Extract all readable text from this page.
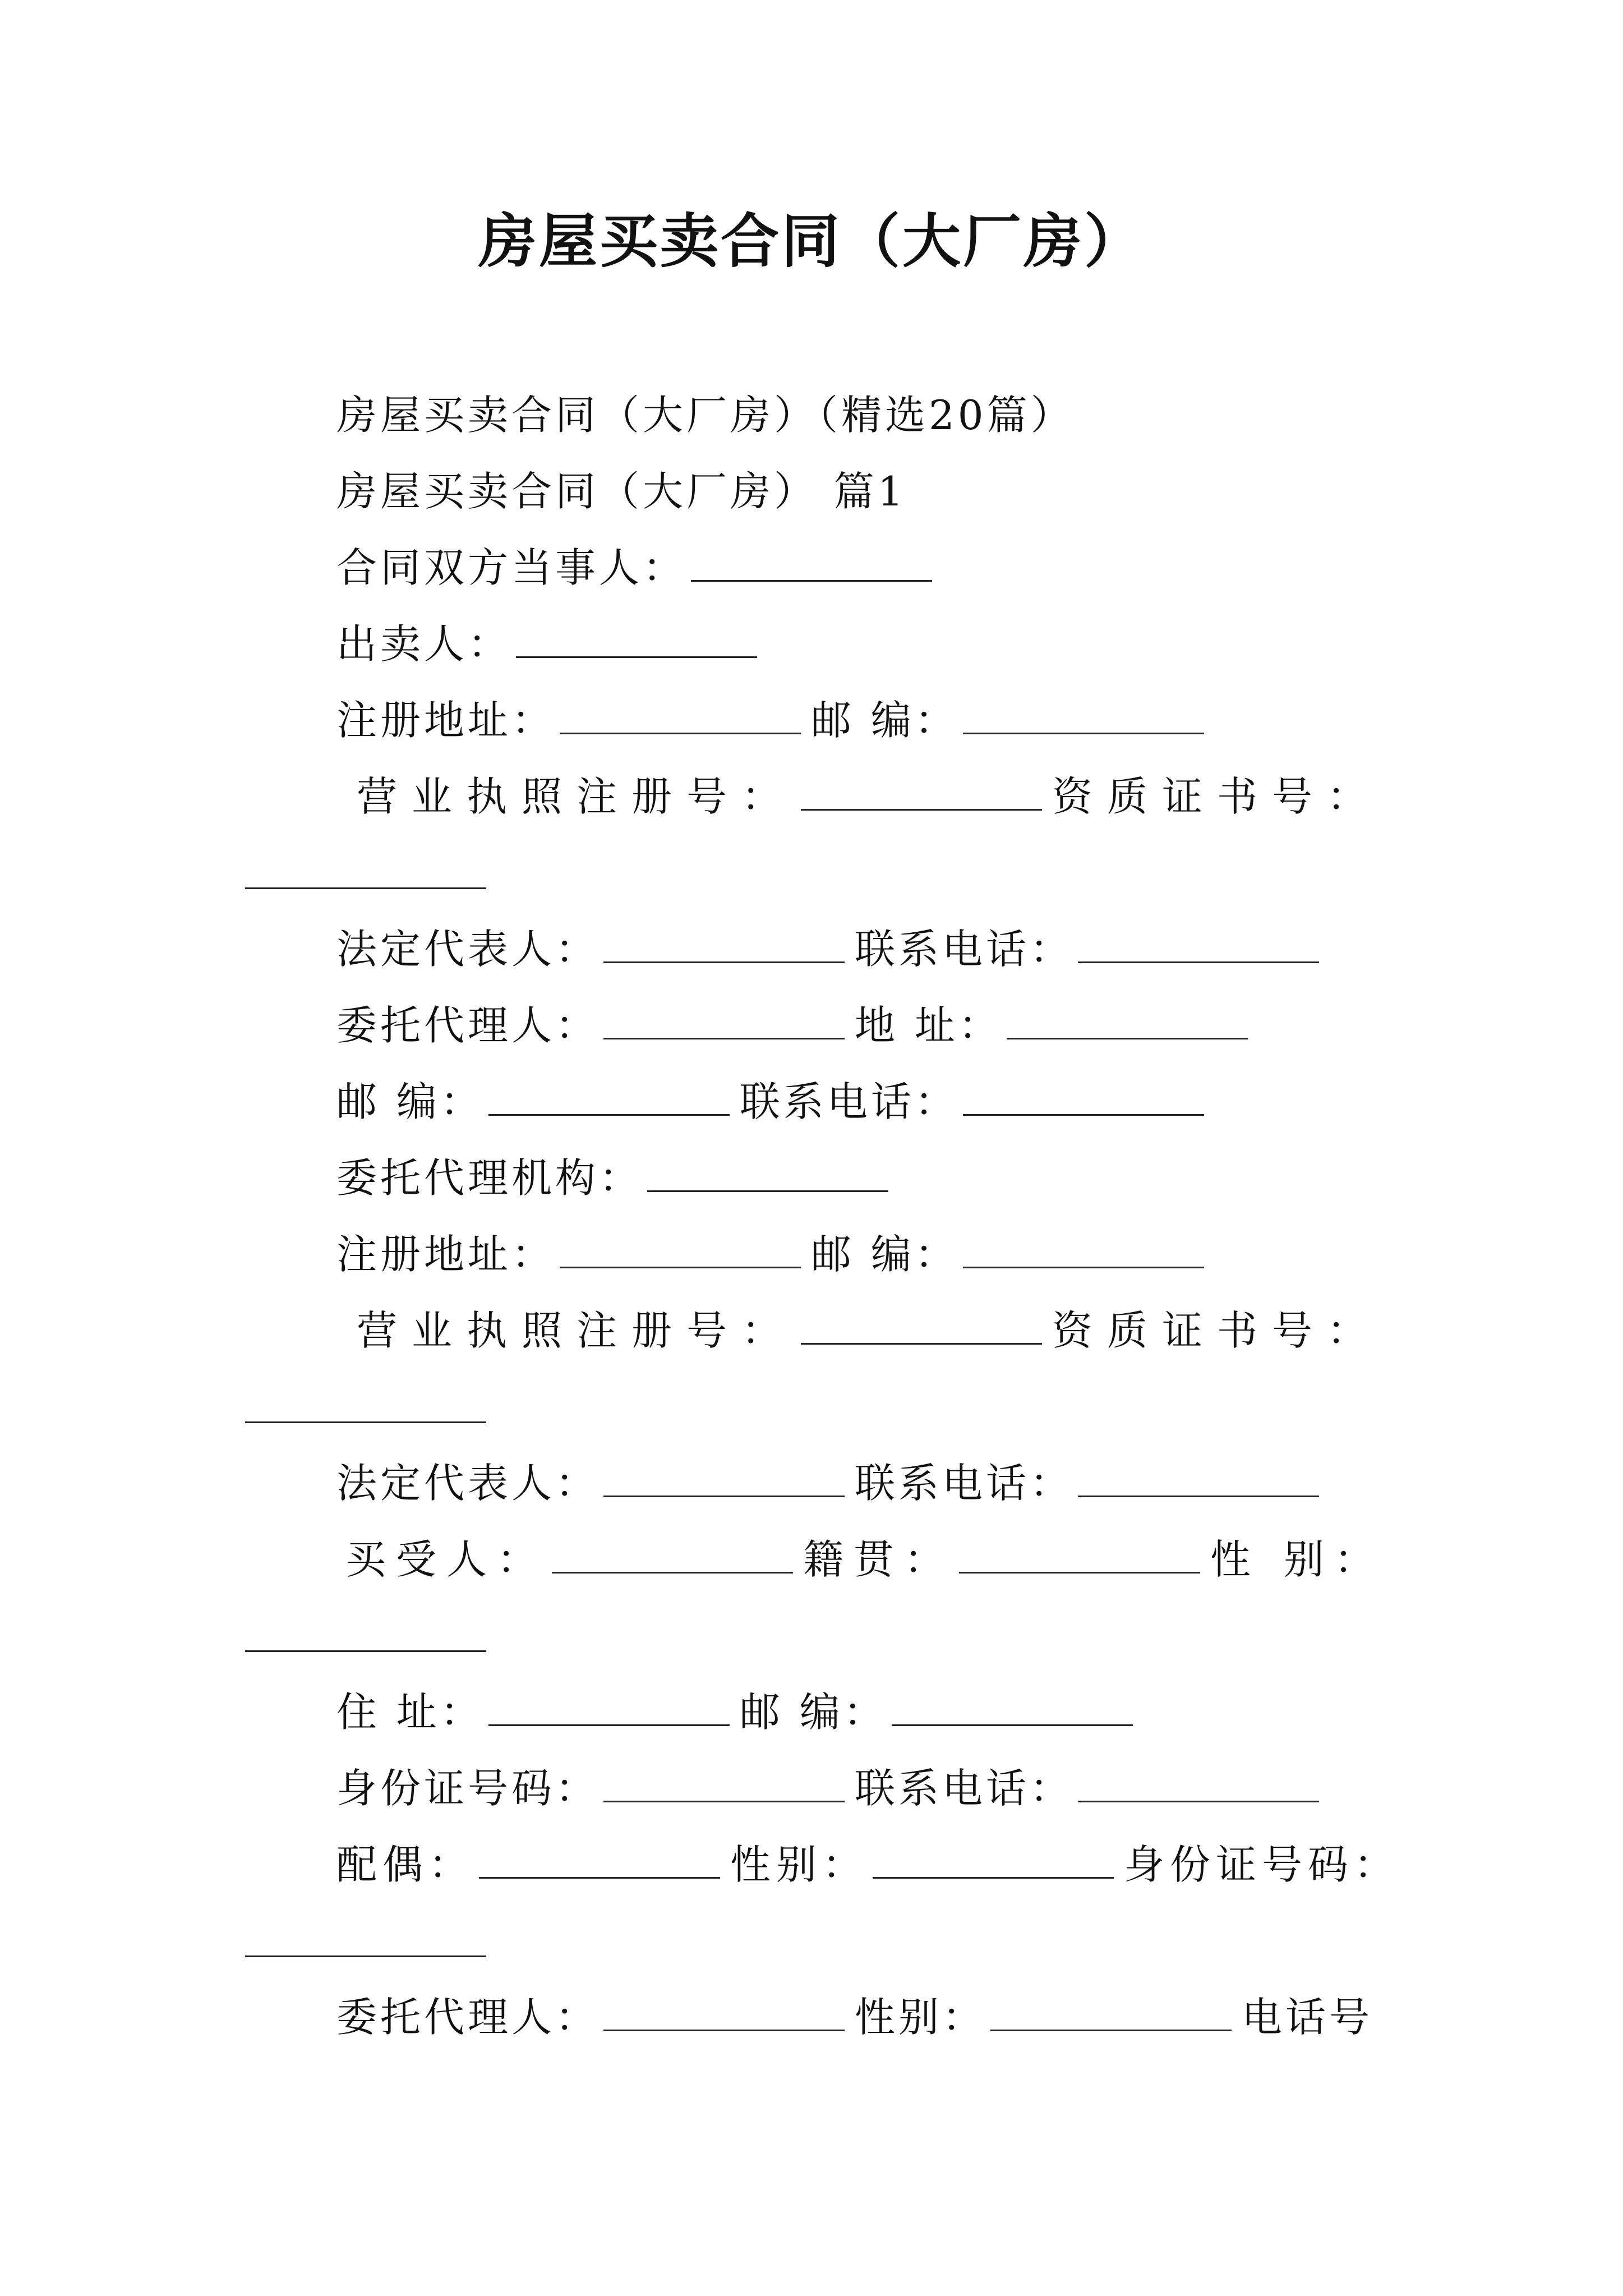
房屋买卖合同（大厂房）
房屋买卖合同（大厂房）（精选20篇）
房屋买卖合同（大厂房） 篇1
合同双方当事人：
出卖人：
注册地址：	邮 编：
营业执照注册号：	资质证书号：
法定代表人：	联系电话：
委托代理人：	地 址：
邮 编：	联系电话：
委托代理机构：
注册地址：	邮 编：
营业执照注册号：	资质证书号：
法定代表人：	联系电话：
买受人：	籍贯：	性 别：
住 址：	邮 编：
身份证号码：	联系电话：
配偶：	性别：	身份证号码：
委托代理人：	性别：	电话号
